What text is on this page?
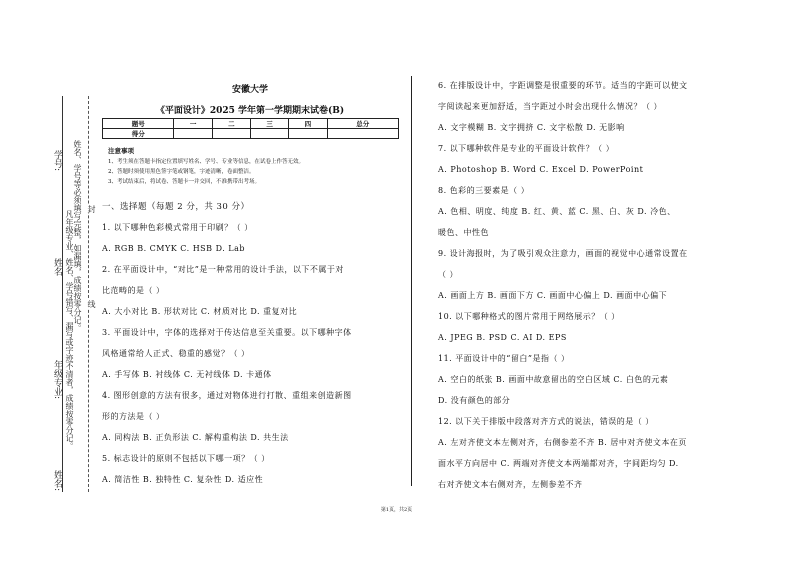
学号:
姓名
年级专业:
姓名:
姓名、学号等必须填写完整，如漏填，成绩按零分记。
凡年级专业、姓名、学号错写、漏写或字迹不清者，成绩按零分记。
封
线
安徽大学
《平面设计》2025 学年第一学期期末试卷(B)
题号	一	二	三	四	总分
得分					
注意事项
1、考生须在答题卡指定位置填写姓名、学号、专业等信息，在试卷上作答无效。
2、答题时须使用黑色签字笔或钢笔，字迹清晰，卷面整洁。
3、考试结束后，将试卷、答题卡一并交回，不准携带出考场。
一、选择题（每题 2 分，共 30 分）
1. 以下哪种色彩模式常用于印刷？（ ）
A. RGB B. CMYK C. HSB D. Lab
2. 在平面设计中，“对比”是一种常用的设计手法，以下不属于对
比范畴的是（ ）
A. 大小对比 B. 形状对比 C. 材质对比 D. 重复对比
3. 平面设计中，字体的选择对于传达信息至关重要。以下哪种字体
风格通常给人正式、稳重的感觉？（ ）
A. 手写体 B. 衬线体 C. 无衬线体 D. 卡通体
4. 图形创意的方法有很多，通过对物体进行打散、重组来创造新图
形的方法是（ ）
A. 同构法 B. 正负形法 C. 解构重构法 D. 共生法
5. 标志设计的原则不包括以下哪一项？（ ）
A. 简洁性 B. 独特性 C. 复杂性 D. 适应性
6. 在排版设计中，字距调整是很重要的环节。适当的字距可以使文
字阅读起来更加舒适，当字距过小时会出现什么情况？（ ）
A. 文字模糊 B. 文字拥挤 C. 文字松散 D. 无影响
7. 以下哪种软件是专业的平面设计软件？（ ）
A. Photoshop B. Word C. Excel D. PowerPoint
8. 色彩的三要素是（ ）
A. 色相、明度、纯度 B. 红、黄、蓝 C. 黑、白、灰 D. 冷色、
暖色、中性色
9. 设计海报时，为了吸引观众注意力，画面的视觉中心通常设置在
（ ）
A. 画面上方 B. 画面下方 C. 画面中心偏上 D. 画面中心偏下
10. 以下哪种格式的图片常用于网络展示？（ ）
A. JPEG B. PSD C. AI D. EPS
11. 平面设计中的“留白”是指（ ）
A. 空白的纸张 B. 画面中故意留出的空白区域 C. 白色的元素
D. 没有颜色的部分
12. 以下关于排版中段落对齐方式的说法，错误的是（ ）
A. 左对齐使文本左侧对齐，右侧参差不齐 B. 居中对齐使文本在页
面水平方向居中 C. 两端对齐使文本两端都对齐，字间距均匀 D.
右对齐使文本右侧对齐，左侧参差不齐
第1页，共2页
